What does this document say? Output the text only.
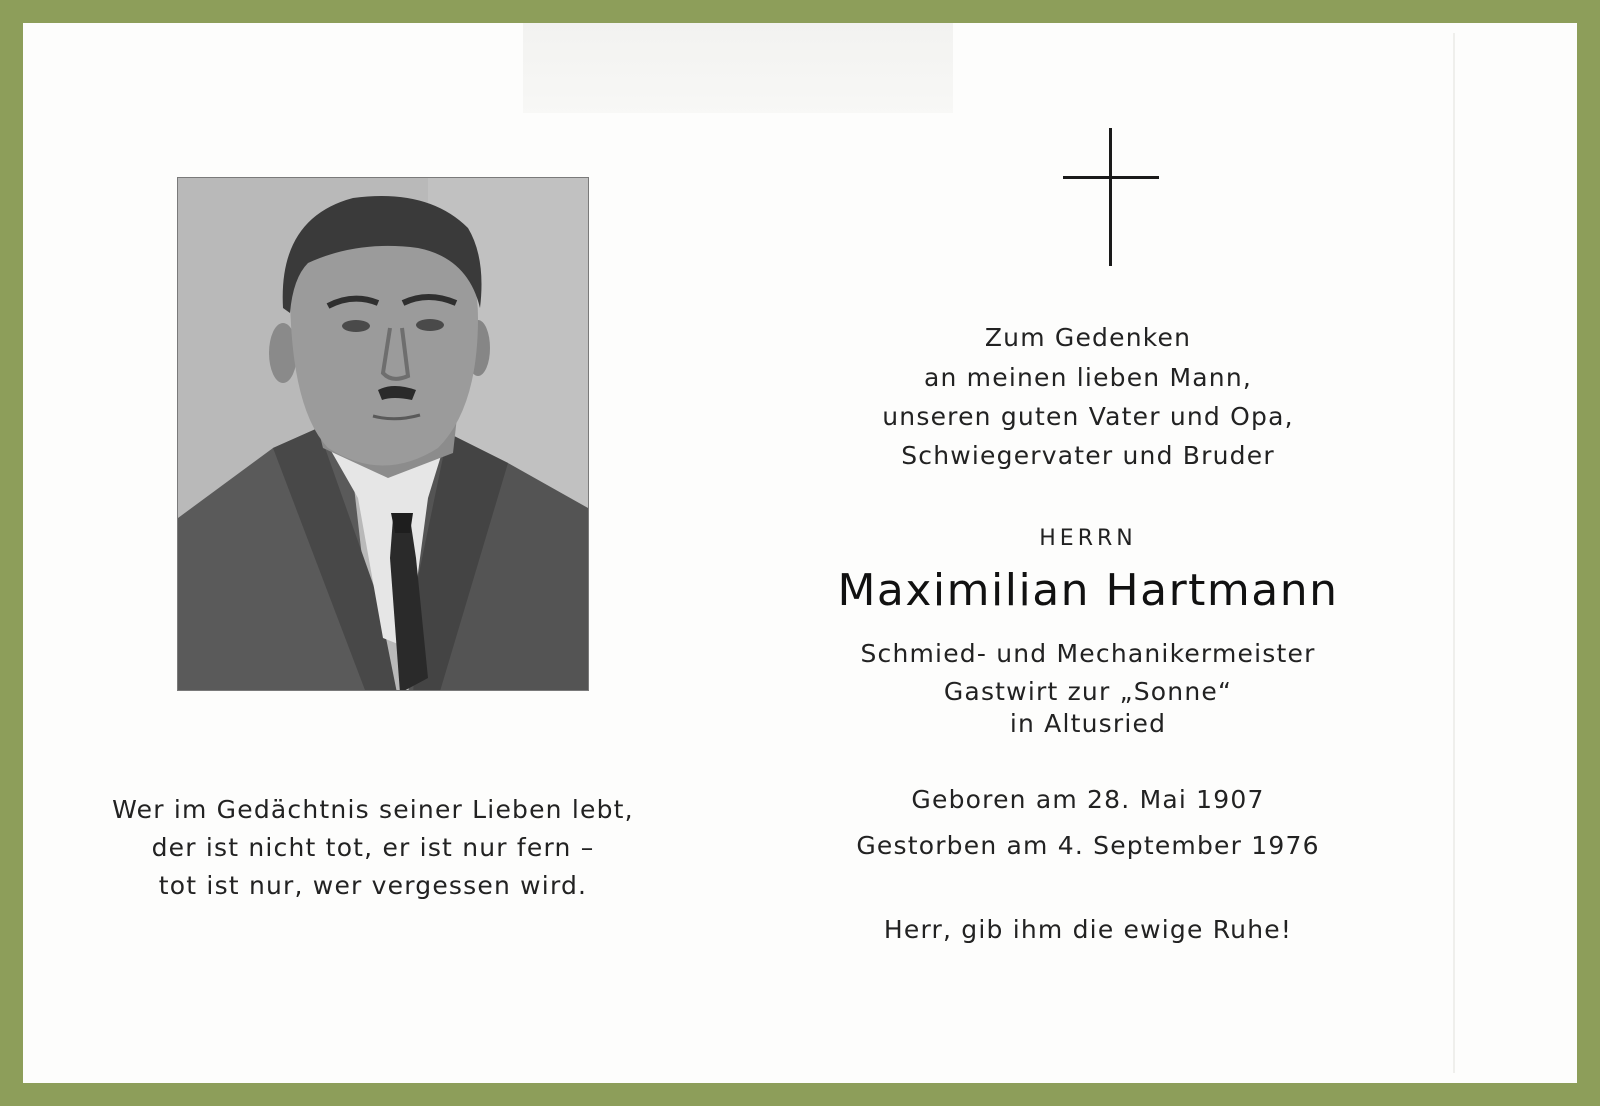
Wer im Gedächtnis seiner Lieben lebt,
der ist nicht tot, er ist nur fern –
tot ist nur, wer vergessen wird.
Zum Gedenken
an meinen lieben Mann,
unseren guten Vater und Opa,
Schwiegervater und Bruder
HERRN
Maximilian Hartmann
Schmied- und Mechanikermeister
Gastwirt zur „Sonne“
in Altusried
Geboren am 28. Mai 1907
Gestorben am 4. September 1976
Herr, gib ihm die ewige Ruhe!
